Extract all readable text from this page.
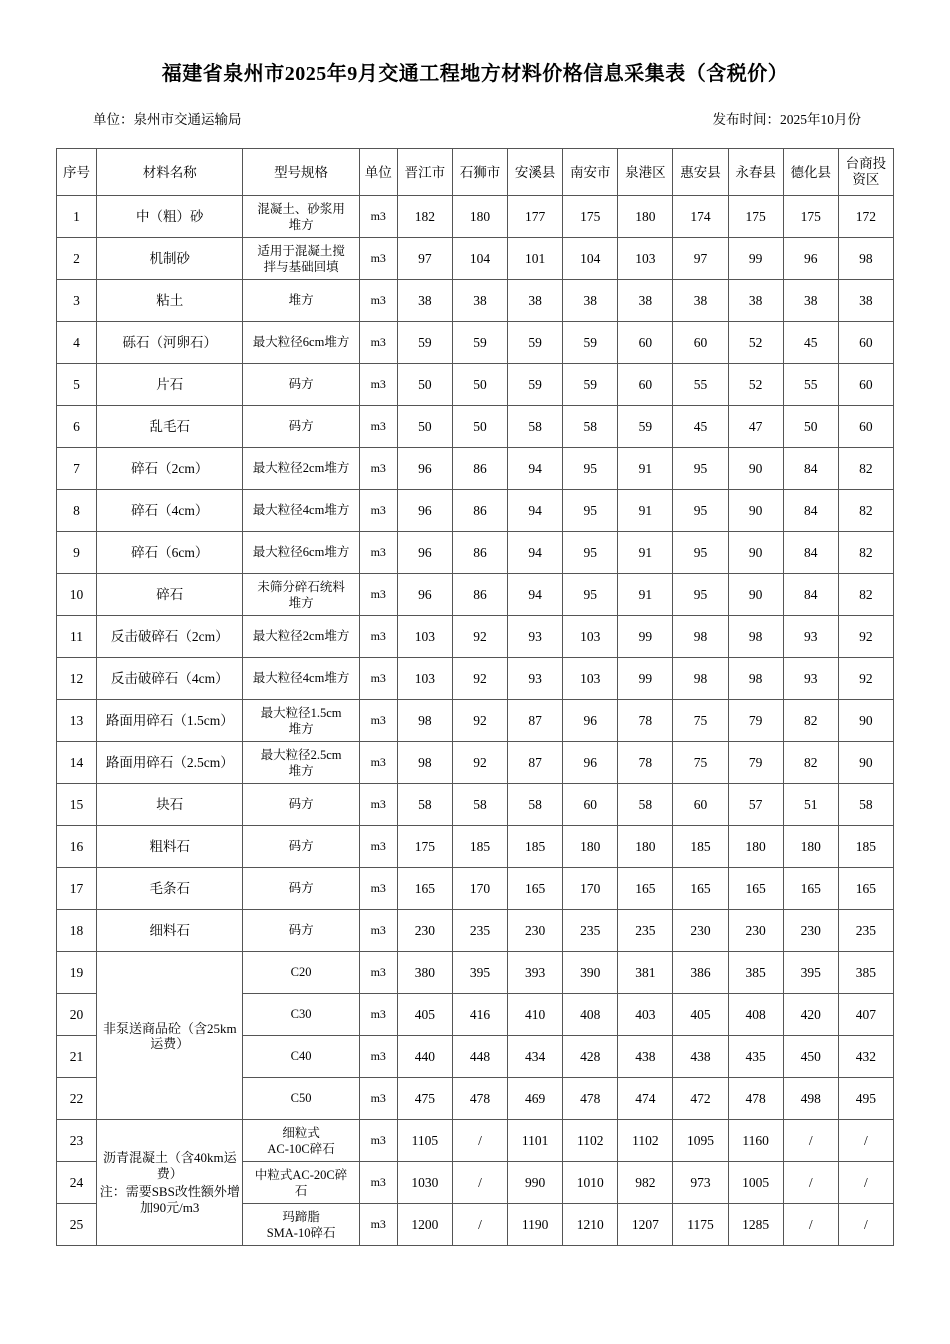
福建省泉州市2025年9月交通工程地方材料价格信息采集表（含税价）
单位：泉州市交通运输局	发布时间：2025年10月份
序号	材料名称	型号规格	单位	晋江市	石狮市	安溪县	南安市	泉港区	惠安县	永春县	德化县	台商投
资区

1	中（粗）砂	混凝土、砂浆用
堆方	m3	182	180	177	175	180	174	175	175	172
2	机制砂	适用于混凝土搅
拌与基础回填	m3	97	104	101	104	103	97	99	96	98
3	粘土	堆方	m3	38	38	38	38	38	38	38	38	38
4	砾石（河卵石）	最大粒径6cm堆方	m3	59	59	59	59	60	60	52	45	60
5	片石	码方	m3	50	50	59	59	60	55	52	55	60
6	乱毛石	码方	m3	50	50	58	58	59	45	47	50	60
7	碎石（2cm）	最大粒径2cm堆方	m3	96	86	94	95	91	95	90	84	82
8	碎石（4cm）	最大粒径4cm堆方	m3	96	86	94	95	91	95	90	84	82
9	碎石（6cm）	最大粒径6cm堆方	m3	96	86	94	95	91	95	90	84	82
10	碎石	未筛分碎石统料
堆方	m3	96	86	94	95	91	95	90	84	82
11	反击破碎石（2cm）	最大粒径2cm堆方	m3	103	92	93	103	99	98	98	93	92
12	反击破碎石（4cm）	最大粒径4cm堆方	m3	103	92	93	103	99	98	98	93	92
13	路面用碎石（1.5cm）	最大粒径1.5cm
堆方	m3	98	92	87	96	78	75	79	82	90
14	路面用碎石（2.5cm）	最大粒径2.5cm
堆方	m3	98	92	87	96	78	75	79	82	90
15	块石	码方	m3	58	58	58	60	58	60	57	51	58
16	粗料石	码方	m3	175	185	185	180	180	185	180	180	185
17	毛条石	码方	m3	165	170	165	170	165	165	165	165	165
18	细料石	码方	m3	230	235	230	235	235	230	230	230	235
19	非泵送商品砼（含25km运费）	C20	m3	380	395	393	390	381	386	385	395	385
20		C30	m3	405	416	410	408	403	405	408	420	407
21		C40	m3	440	448	434	428	438	438	435	450	432
22		C50	m3	475	478	469	478	474	472	478	498	495
23	沥青混凝土（含40km运费）
注：需要SBS改性额外增加90元/m3	细粒式
AC-10C碎石	m3	1105	/	1101	1102	1102	1095	1160	/	/
24		中粒式AC-20C碎
石	m3	1030	/	990	1010	982	973	1005	/	/
25		玛蹄脂
SMA-10碎石	m3	1200	/	1190	1210	1207	1175	1285	/	/
